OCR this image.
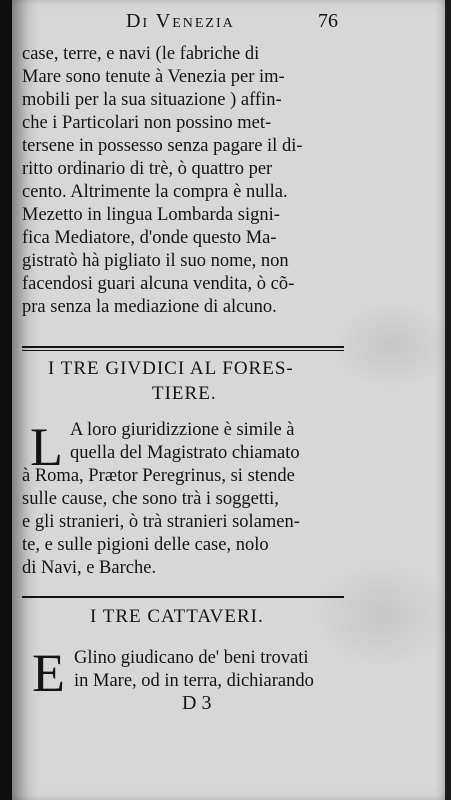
Di Venezia	76
case, terre, e navi (le fabriche di
Mare sono tenute à Venezia per im-
mobili per la sua situazione ) affin-
che i Particolari non possino met-
tersene in possesso senza pagare il di-
ritto ordinario di trè, ò quattro per
cento. Altrimente la compra è nulla.
Mezetto in lingua Lombarda signi-
fica Mediatore, d'onde questo Ma-
gistratò hà pigliato il suo nome, non
facendosi guari alcuna vendita, ò cõ-
pra senza la mediazione di alcuno.
I TRE GIVDICI AL FORES-
TIERE.
L A loro giuridizzione è simile à
quella del Magistrato chiamato
à Roma, Prætor Peregrinus, si stende
sulle cause, che sono trà i soggetti,
e gli stranieri, ò trà stranieri solamen-
te, e sulle pigioni delle case, nolo
di Navi, e Barche.
I TRE CATTAVERI.
E Glino giudicano de' beni trovati
in Mare, od in terra, dichiarando
D 3
